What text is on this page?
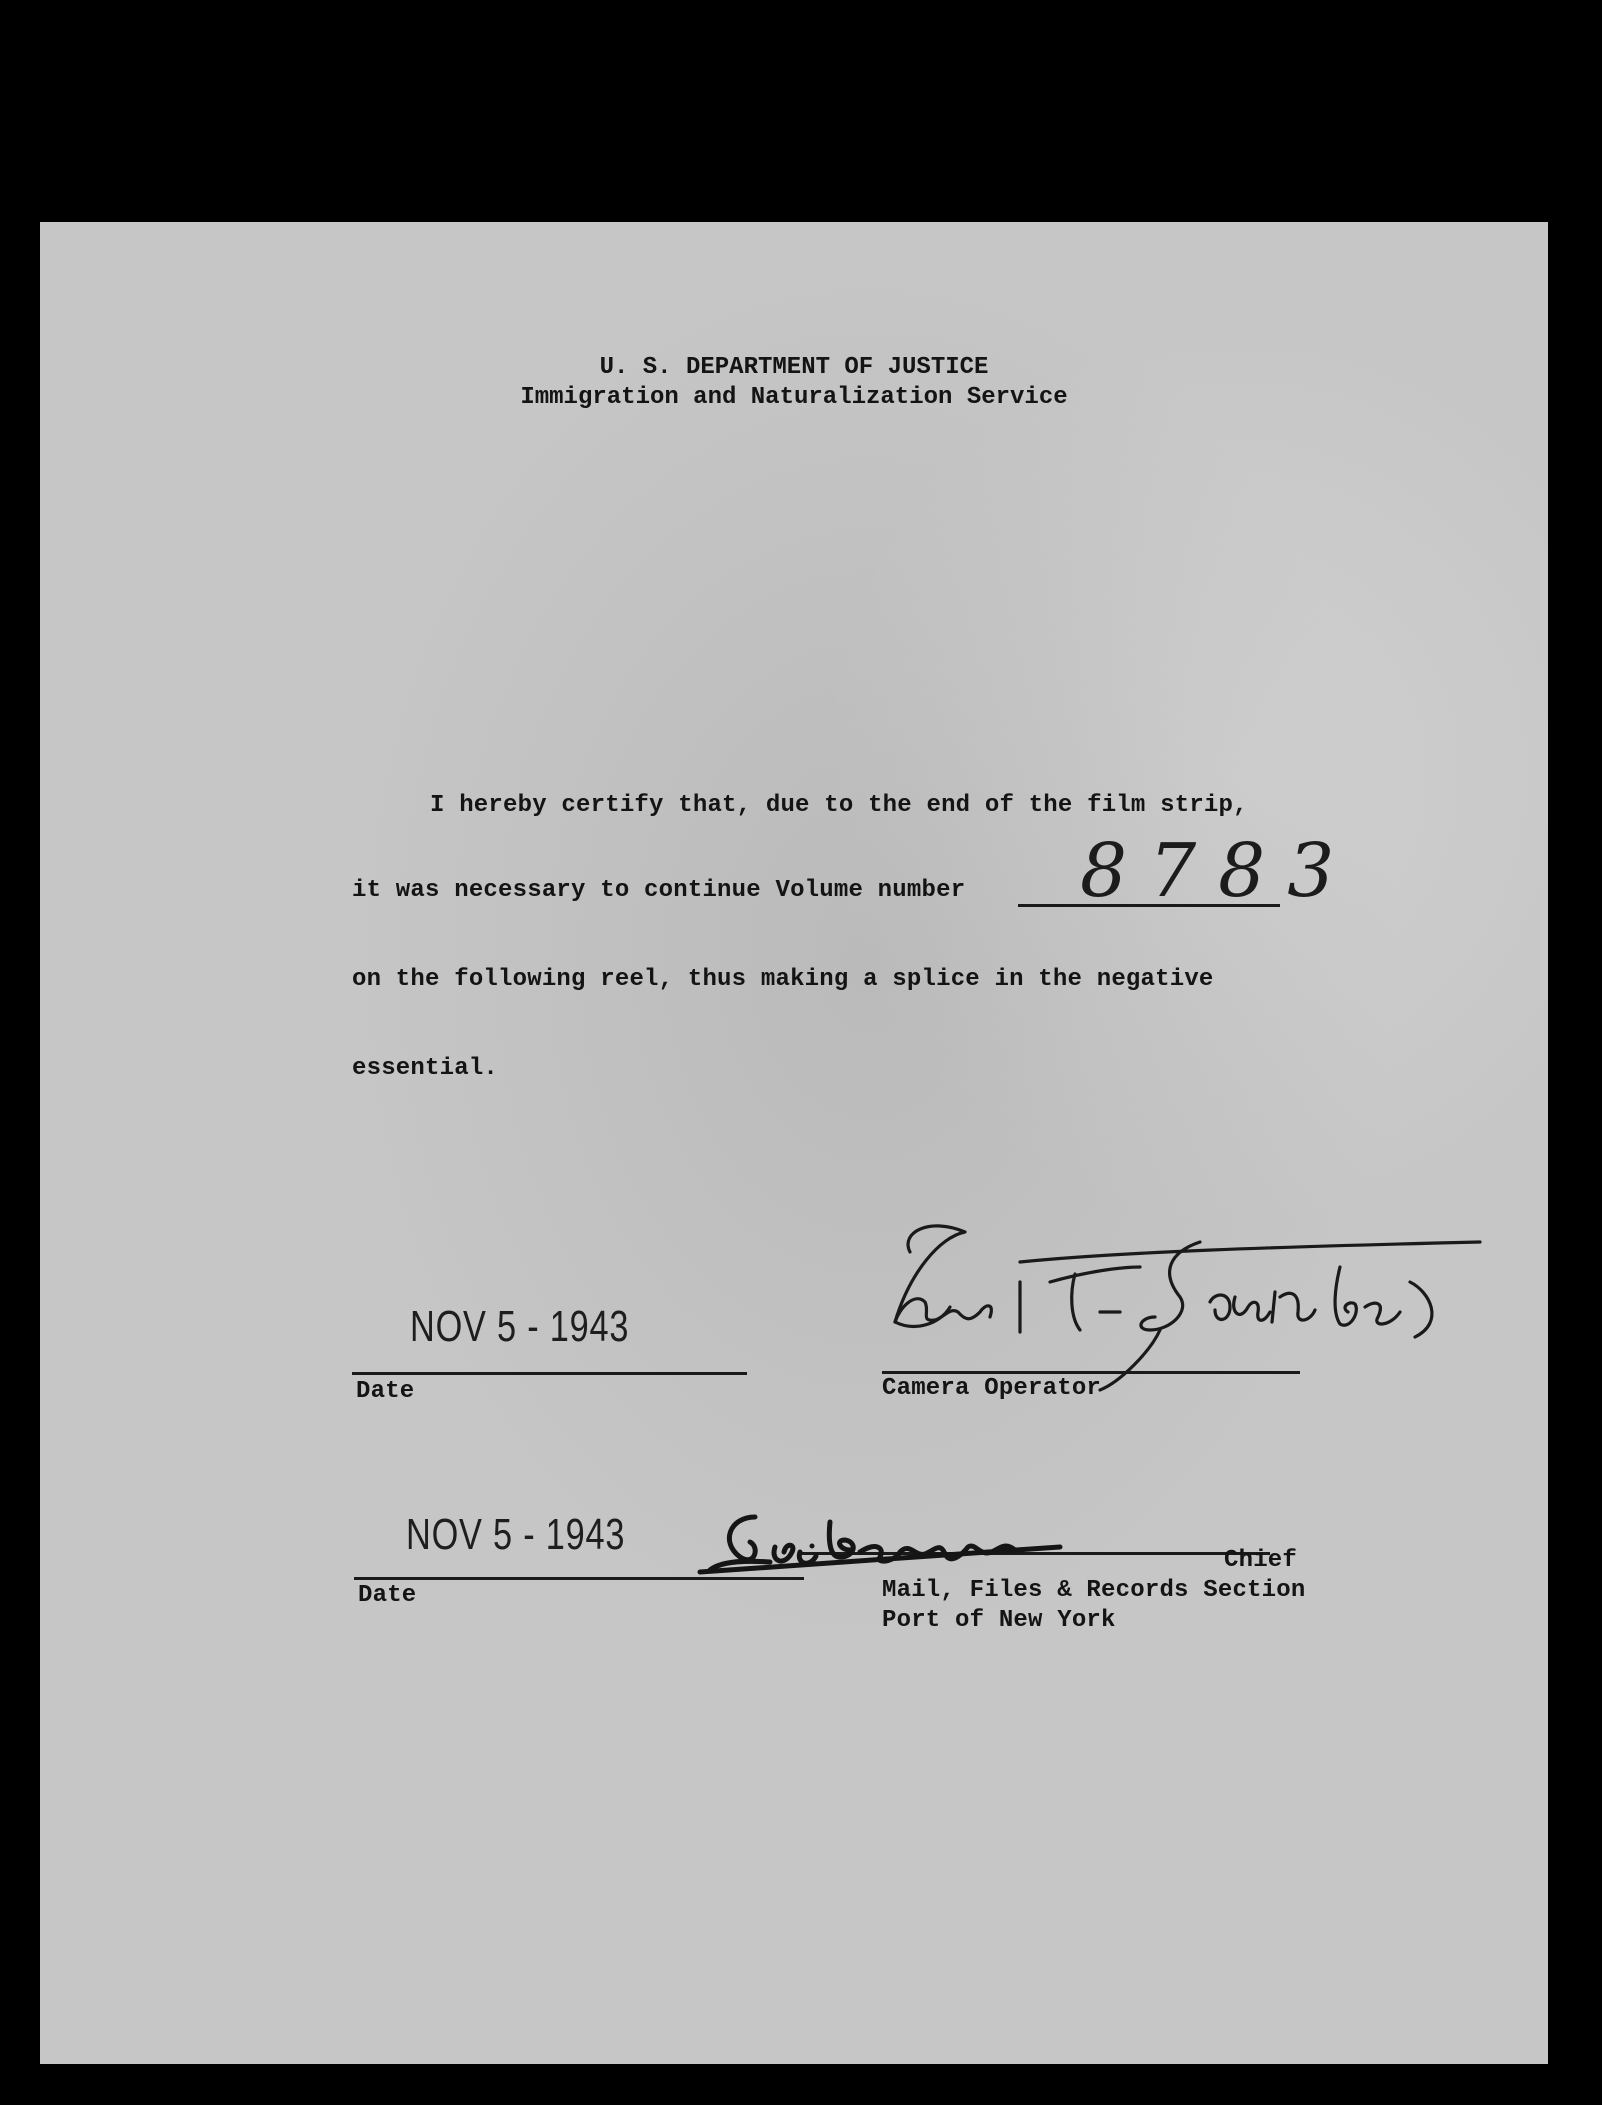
U. S. DEPARTMENT OF JUSTICE
Immigration and Naturalization Service
I hereby certify that, due to the end of the film strip,
it was necessary to continue Volume number 8783
on the following reel, thus making a splice in the negative
essential.
NOV 5 - 1943
Date	Camera Operator
NOV 5 - 1943
Date
Chief
Mail, Files & Records Section
Port of New York
